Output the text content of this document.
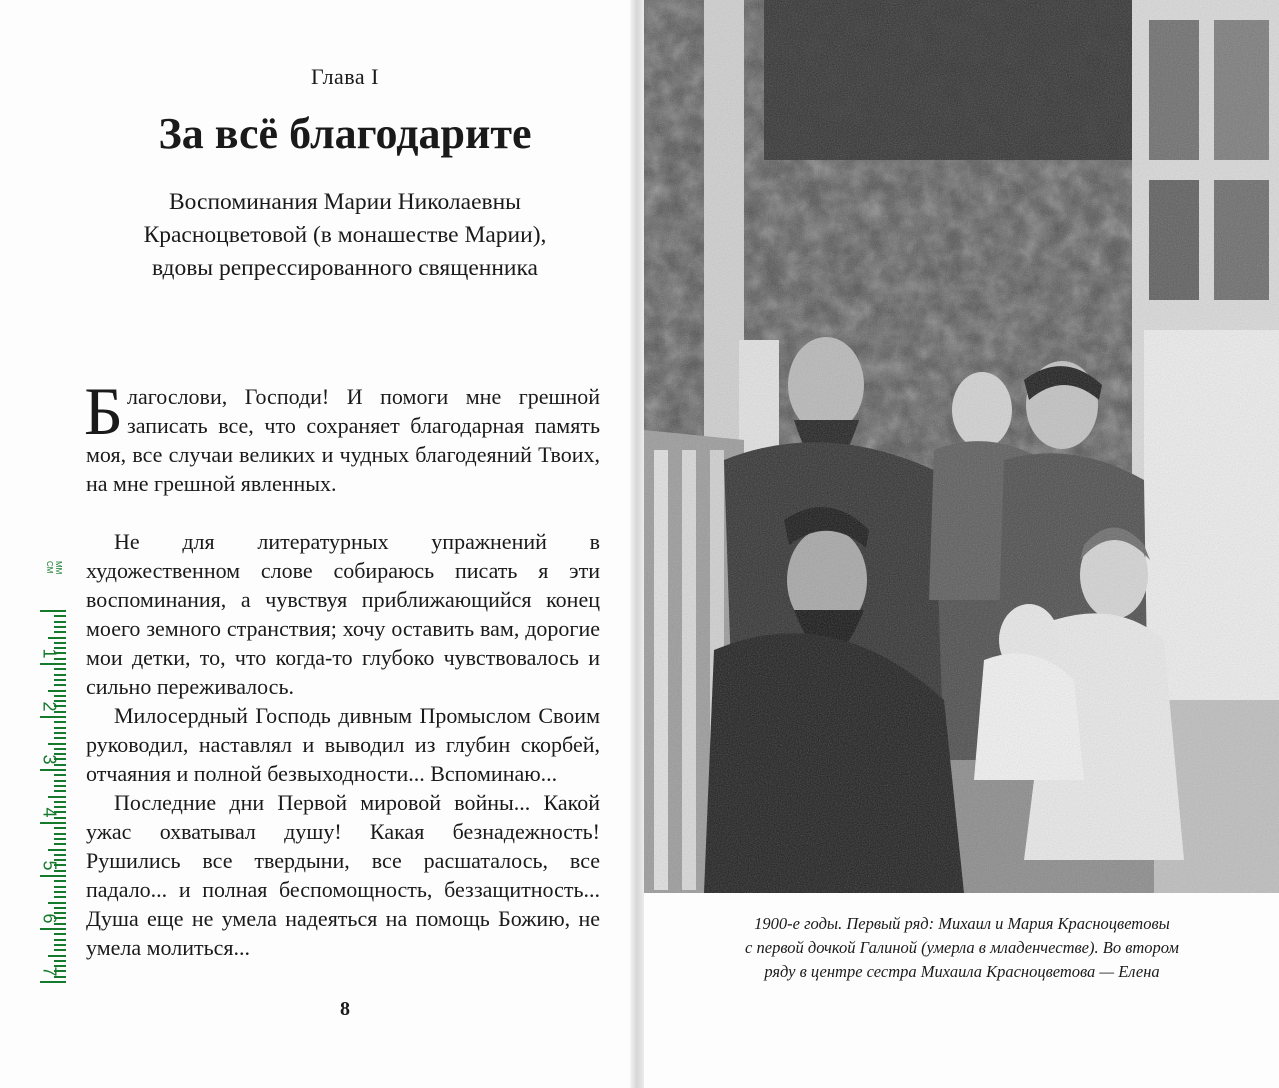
Глава I
За всё благодарите
Воспоминания Марии Николаевны
Красноцветовой (в монашестве Марии),
вдовы репрессированного священника

Благослови, Господи! И помоги мне грешной записать все, что сохраняет благодарная память моя, все случаи великих и чудных благодеяний Твоих, на мне грешной явленных.

Не для литературных упражнений в художественном слове собираюсь писать я эти воспоминания, а чувствуя приближающийся конец моего земного странствия; хочу оставить вам, дорогие мои детки, то, что когда-то глубоко чувствовалось и сильно переживалось.

Милосердный Господь дивным Промыслом Своим руководил, наставлял и выводил из глубин скорбей, отчаяния и полной безвыходности... Вспоминаю...

Последние дни Первой мировой войны... Какой ужас охватывал душу! Какая безнадежность! Рушились все твердыни, все расшаталось, все падало... и полная беспомощность, беззащитность... Душа еще не умела надеяться на помощь Божию, не умела молиться...

8
MM CM
1
2
3
4
5
6
7
1900-е годы. Первый ряд: Михаил и Мария Красноцветовы
с первой дочкой Галиной (умерла в младенчестве). Во втором
ряду в центре сестра Михаила Красноцветова — Елена
